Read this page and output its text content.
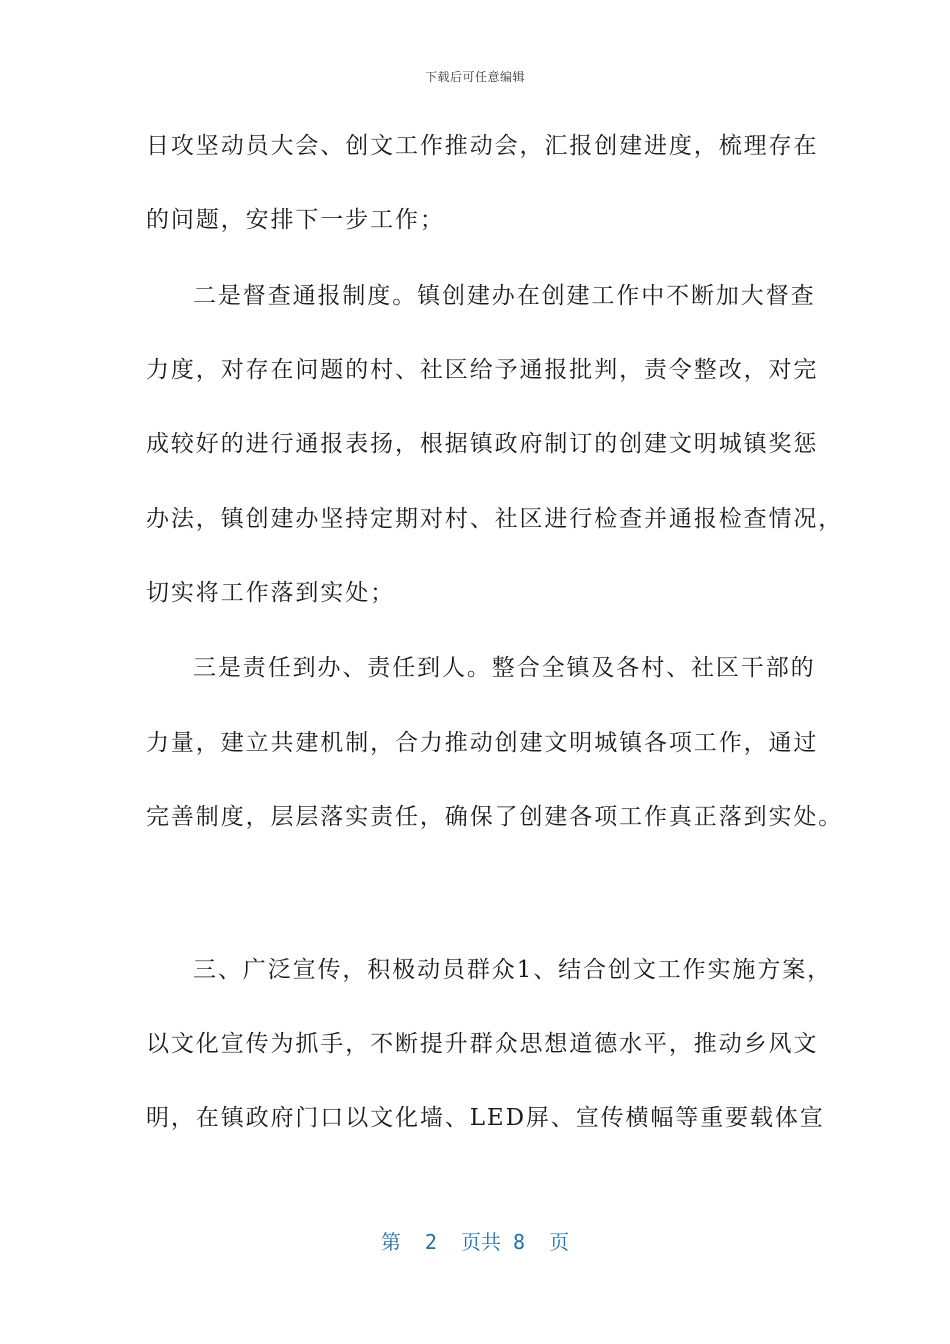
下载后可任意编辑
日攻坚动员大会、创文工作推动会，汇报创建进度，梳理存在
的问题，安排下一步工作；
二是督查通报制度。镇创建办在创建工作中不断加大督查
力度，对存在问题的村、社区给予通报批判，责令整改，对完
成较好的进行通报表扬，根据镇政府制订的创建文明城镇奖惩
办法，镇创建办坚持定期对村、社区进行检查并通报检查情况，
切实将工作落到实处；
三是责任到办、责任到人。整合全镇及各村、社区干部的
力量，建立共建机制，合力推动创建文明城镇各项工作，通过
完善制度，层层落实责任，确保了创建各项工作真正落到实处。
三、广泛宣传，积极动员群众1、结合创文工作实施方案，
以文化宣传为抓手，不断提升群众思想道德水平，推动乡风文
明，在镇政府门口以文化墙、LED屏、宣传横幅等重要载体宣
第  2  页共 8  页
